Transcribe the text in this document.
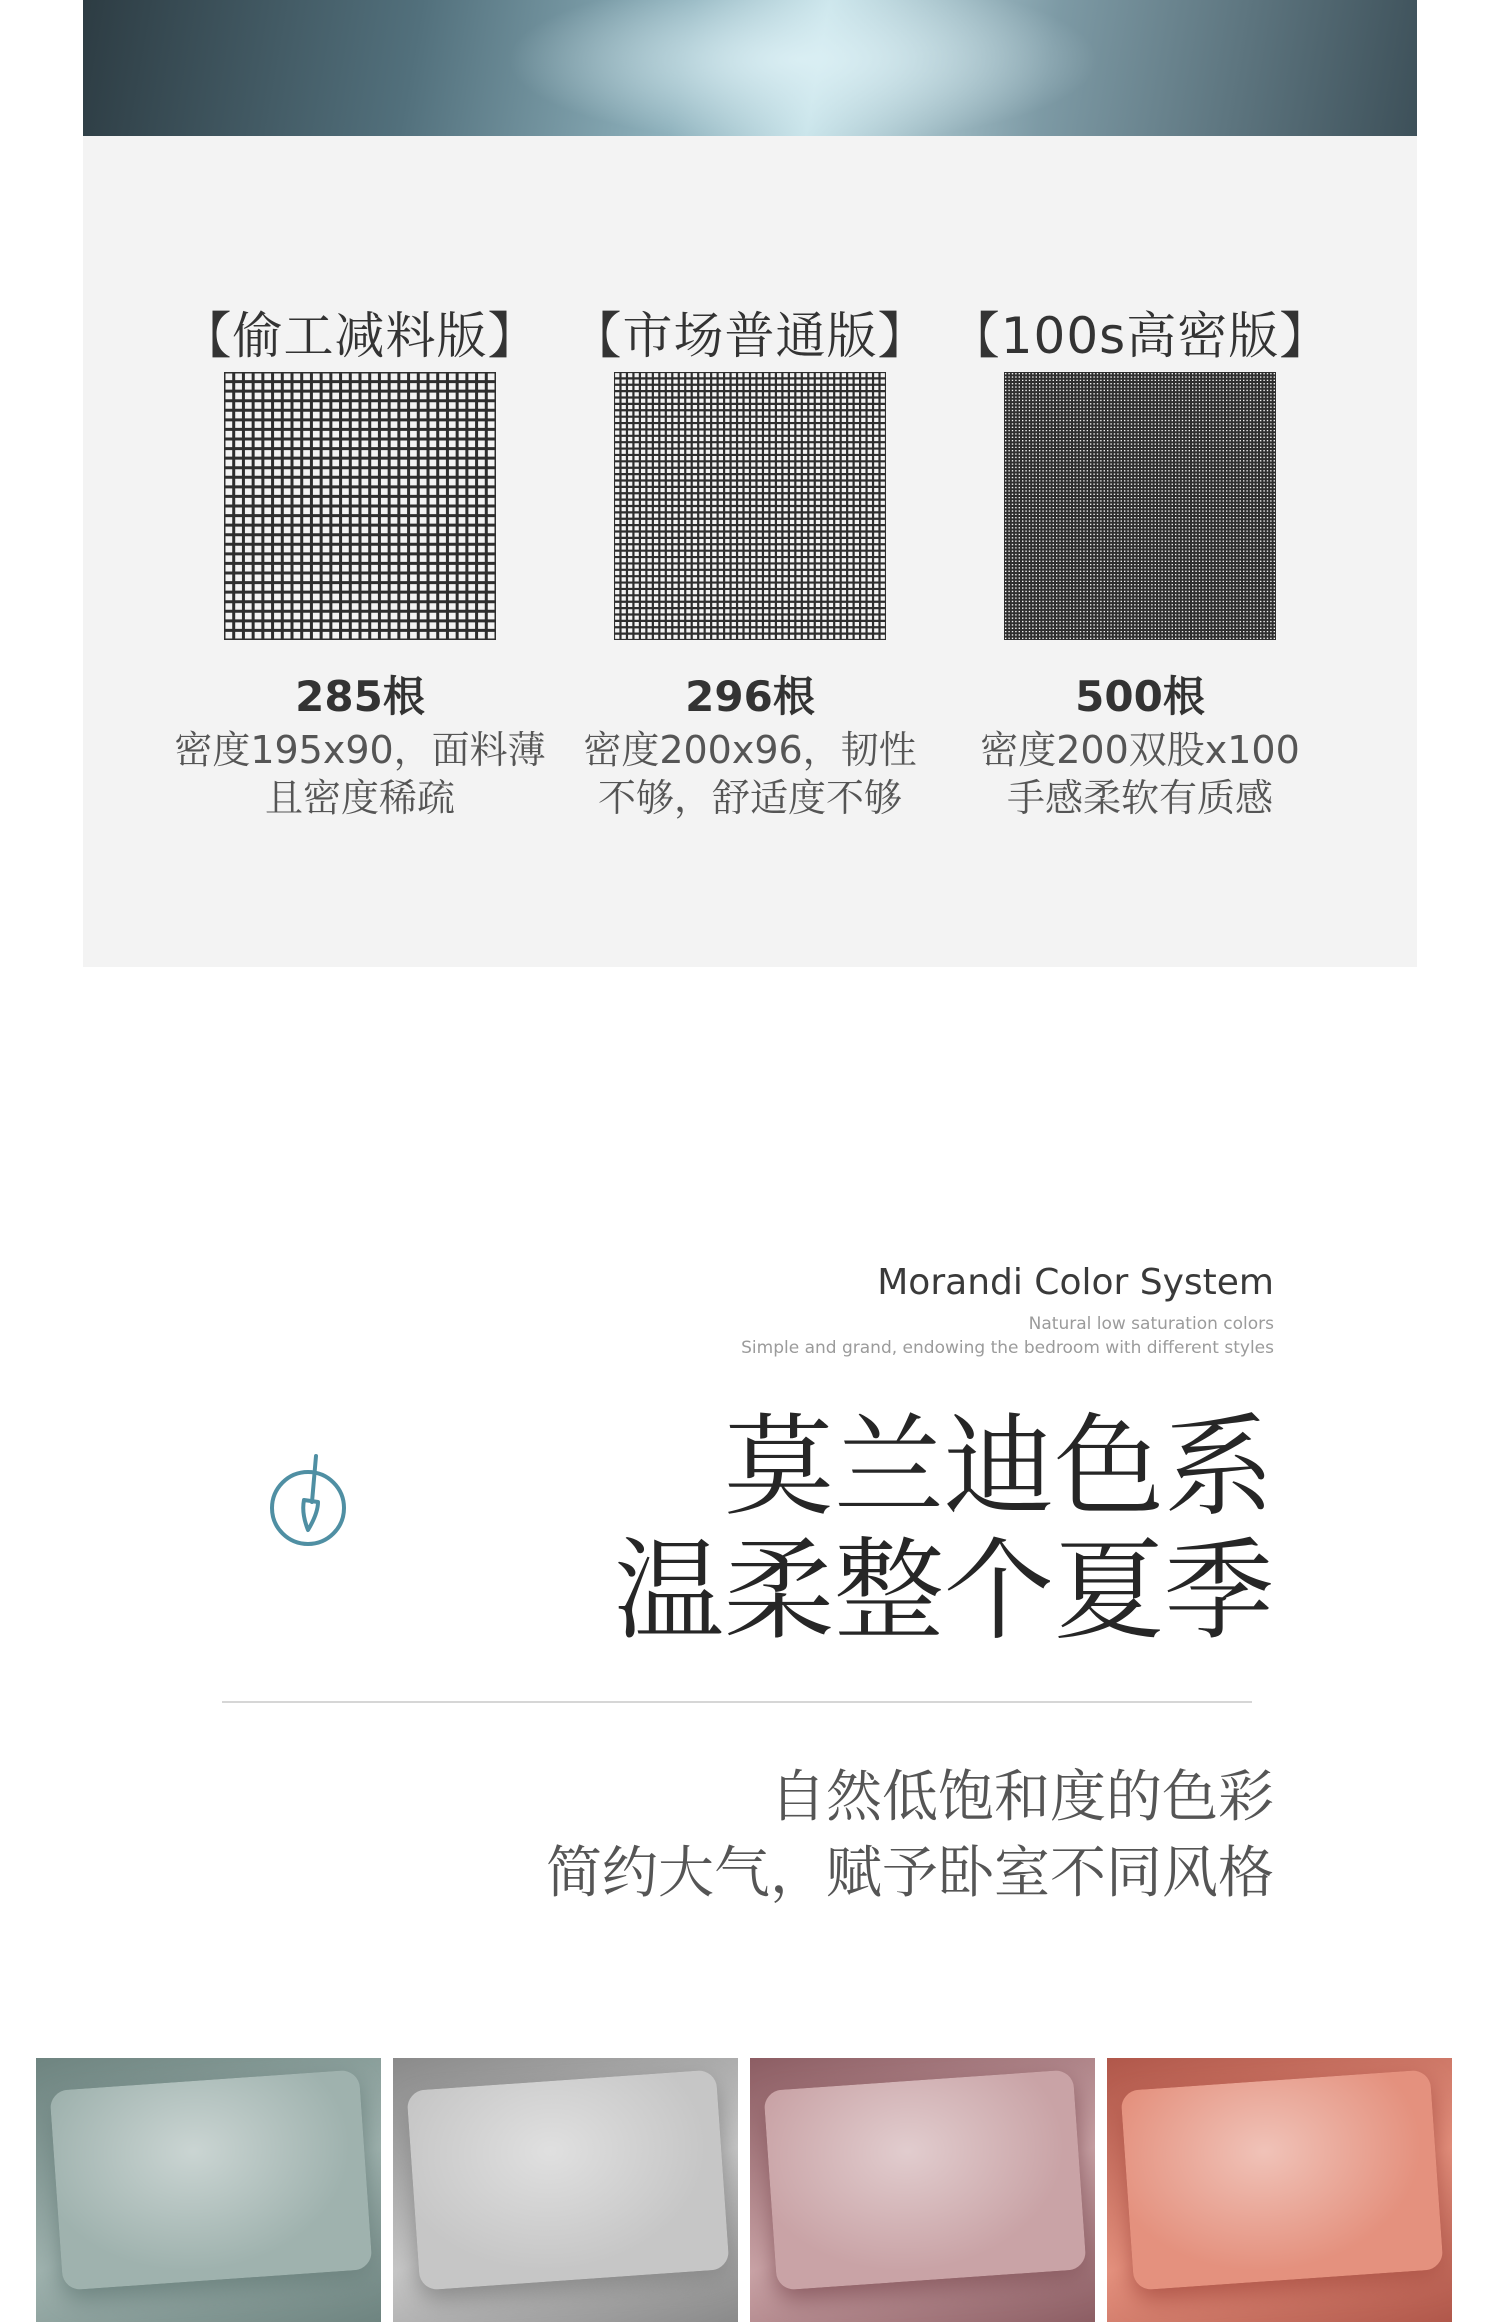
【偷工减料版】
285根
密度195x90，面料薄
且密度稀疏
【市场普通版】
296根
密度200x96，韧性
不够，舒适度不够
【100s高密版】
500根
密度200双股x100
手感柔软有质感
Morandi Color System
Natural low saturation colors
Simple and grand, endowing the bedroom with different styles
莫兰迪色系
温柔整个夏季
自然低饱和度的色彩
简约大气，赋予卧室不同风格
